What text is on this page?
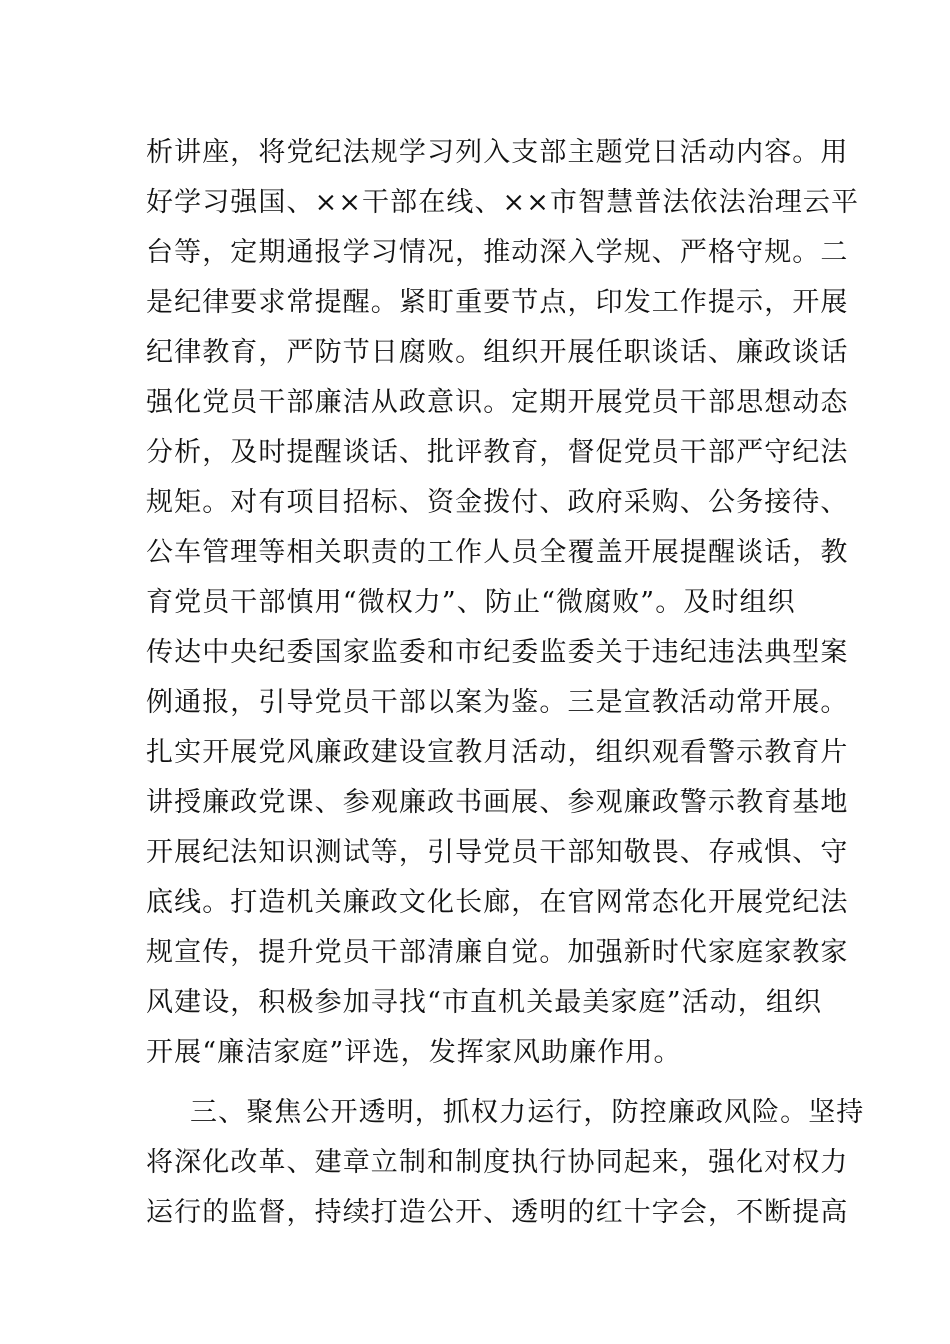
析讲座，将党纪法规学习列入支部主题党日活动内容。用
好学习强国、××干部在线、××市智慧普法依法治理云平
台等，定期通报学习情况，推动深入学规、严格守规。二
是纪律要求常提醒。紧盯重要节点，印发工作提示，开展
纪律教育，严防节日腐败。组织开展任职谈话、廉政谈话
强化党员干部廉洁从政意识。定期开展党员干部思想动态
分析，及时提醒谈话、批评教育，督促党员干部严守纪法
规矩。对有项目招标、资金拨付、政府采购、公务接待、
公车管理等相关职责的工作人员全覆盖开展提醒谈话，教
育党员干部慎用“微权力”、防止“微腐败”。及时组织
传达中央纪委国家监委和市纪委监委关于违纪违法典型案
例通报，引导党员干部以案为鉴。三是宣教活动常开展。
扎实开展党风廉政建设宣教月活动，组织观看警示教育片
讲授廉政党课、参观廉政书画展、参观廉政警示教育基地
开展纪法知识测试等，引导党员干部知敬畏、存戒惧、守
底线。打造机关廉政文化长廊，在官网常态化开展党纪法
规宣传，提升党员干部清廉自觉。加强新时代家庭家教家
风建设，积极参加寻找“市直机关最美家庭”活动，组织
开展“廉洁家庭”评选，发挥家风助廉作用。
三、聚焦公开透明，抓权力运行，防控廉政风险。坚持
将深化改革、建章立制和制度执行协同起来，强化对权力
运行的监督，持续打造公开、透明的红十字会，不断提高
